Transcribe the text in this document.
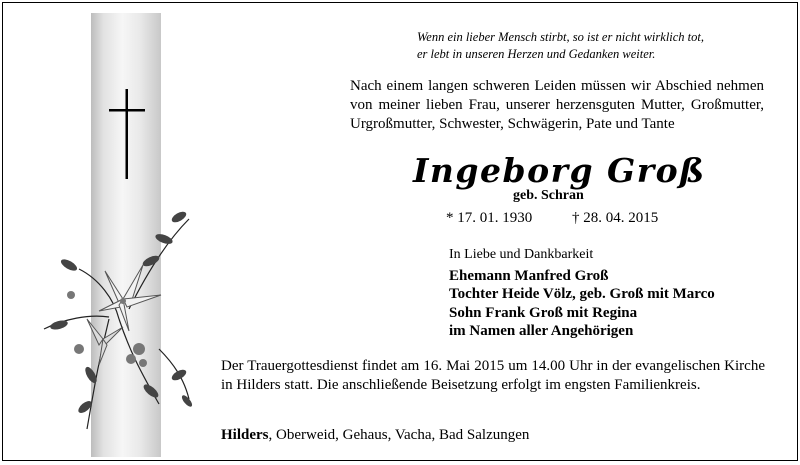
Wenn ein lieber Mensch stirbt, so ist er nicht wirklich tot,
er lebt in unseren Herzen und Gedanken weiter.
Nach einem langen schweren Leiden müssen wir Abschied nehmen von meiner lieben Frau, unserer herzensguten Mutter, Großmutter, Urgroßmutter, Schwester, Schwägerin, Pate und Tante
Ingeborg Groß
geb. Schran
* 17. 01. 1930	† 28. 04. 2015
In Liebe und Dankbarkeit
Ehemann Manfred Groß
Tochter Heide Völz, geb. Groß mit Marco
Sohn Frank Groß mit Regina
im Namen aller Angehörigen
Der Trauergottesdienst findet am 16. Mai 2015 um 14.00 Uhr in der evangelischen Kirche in Hilders statt. Die anschließende Beisetzung erfolgt im engsten Familienkreis.
Hilders, Oberweid, Gehaus, Vacha, Bad Salzungen
